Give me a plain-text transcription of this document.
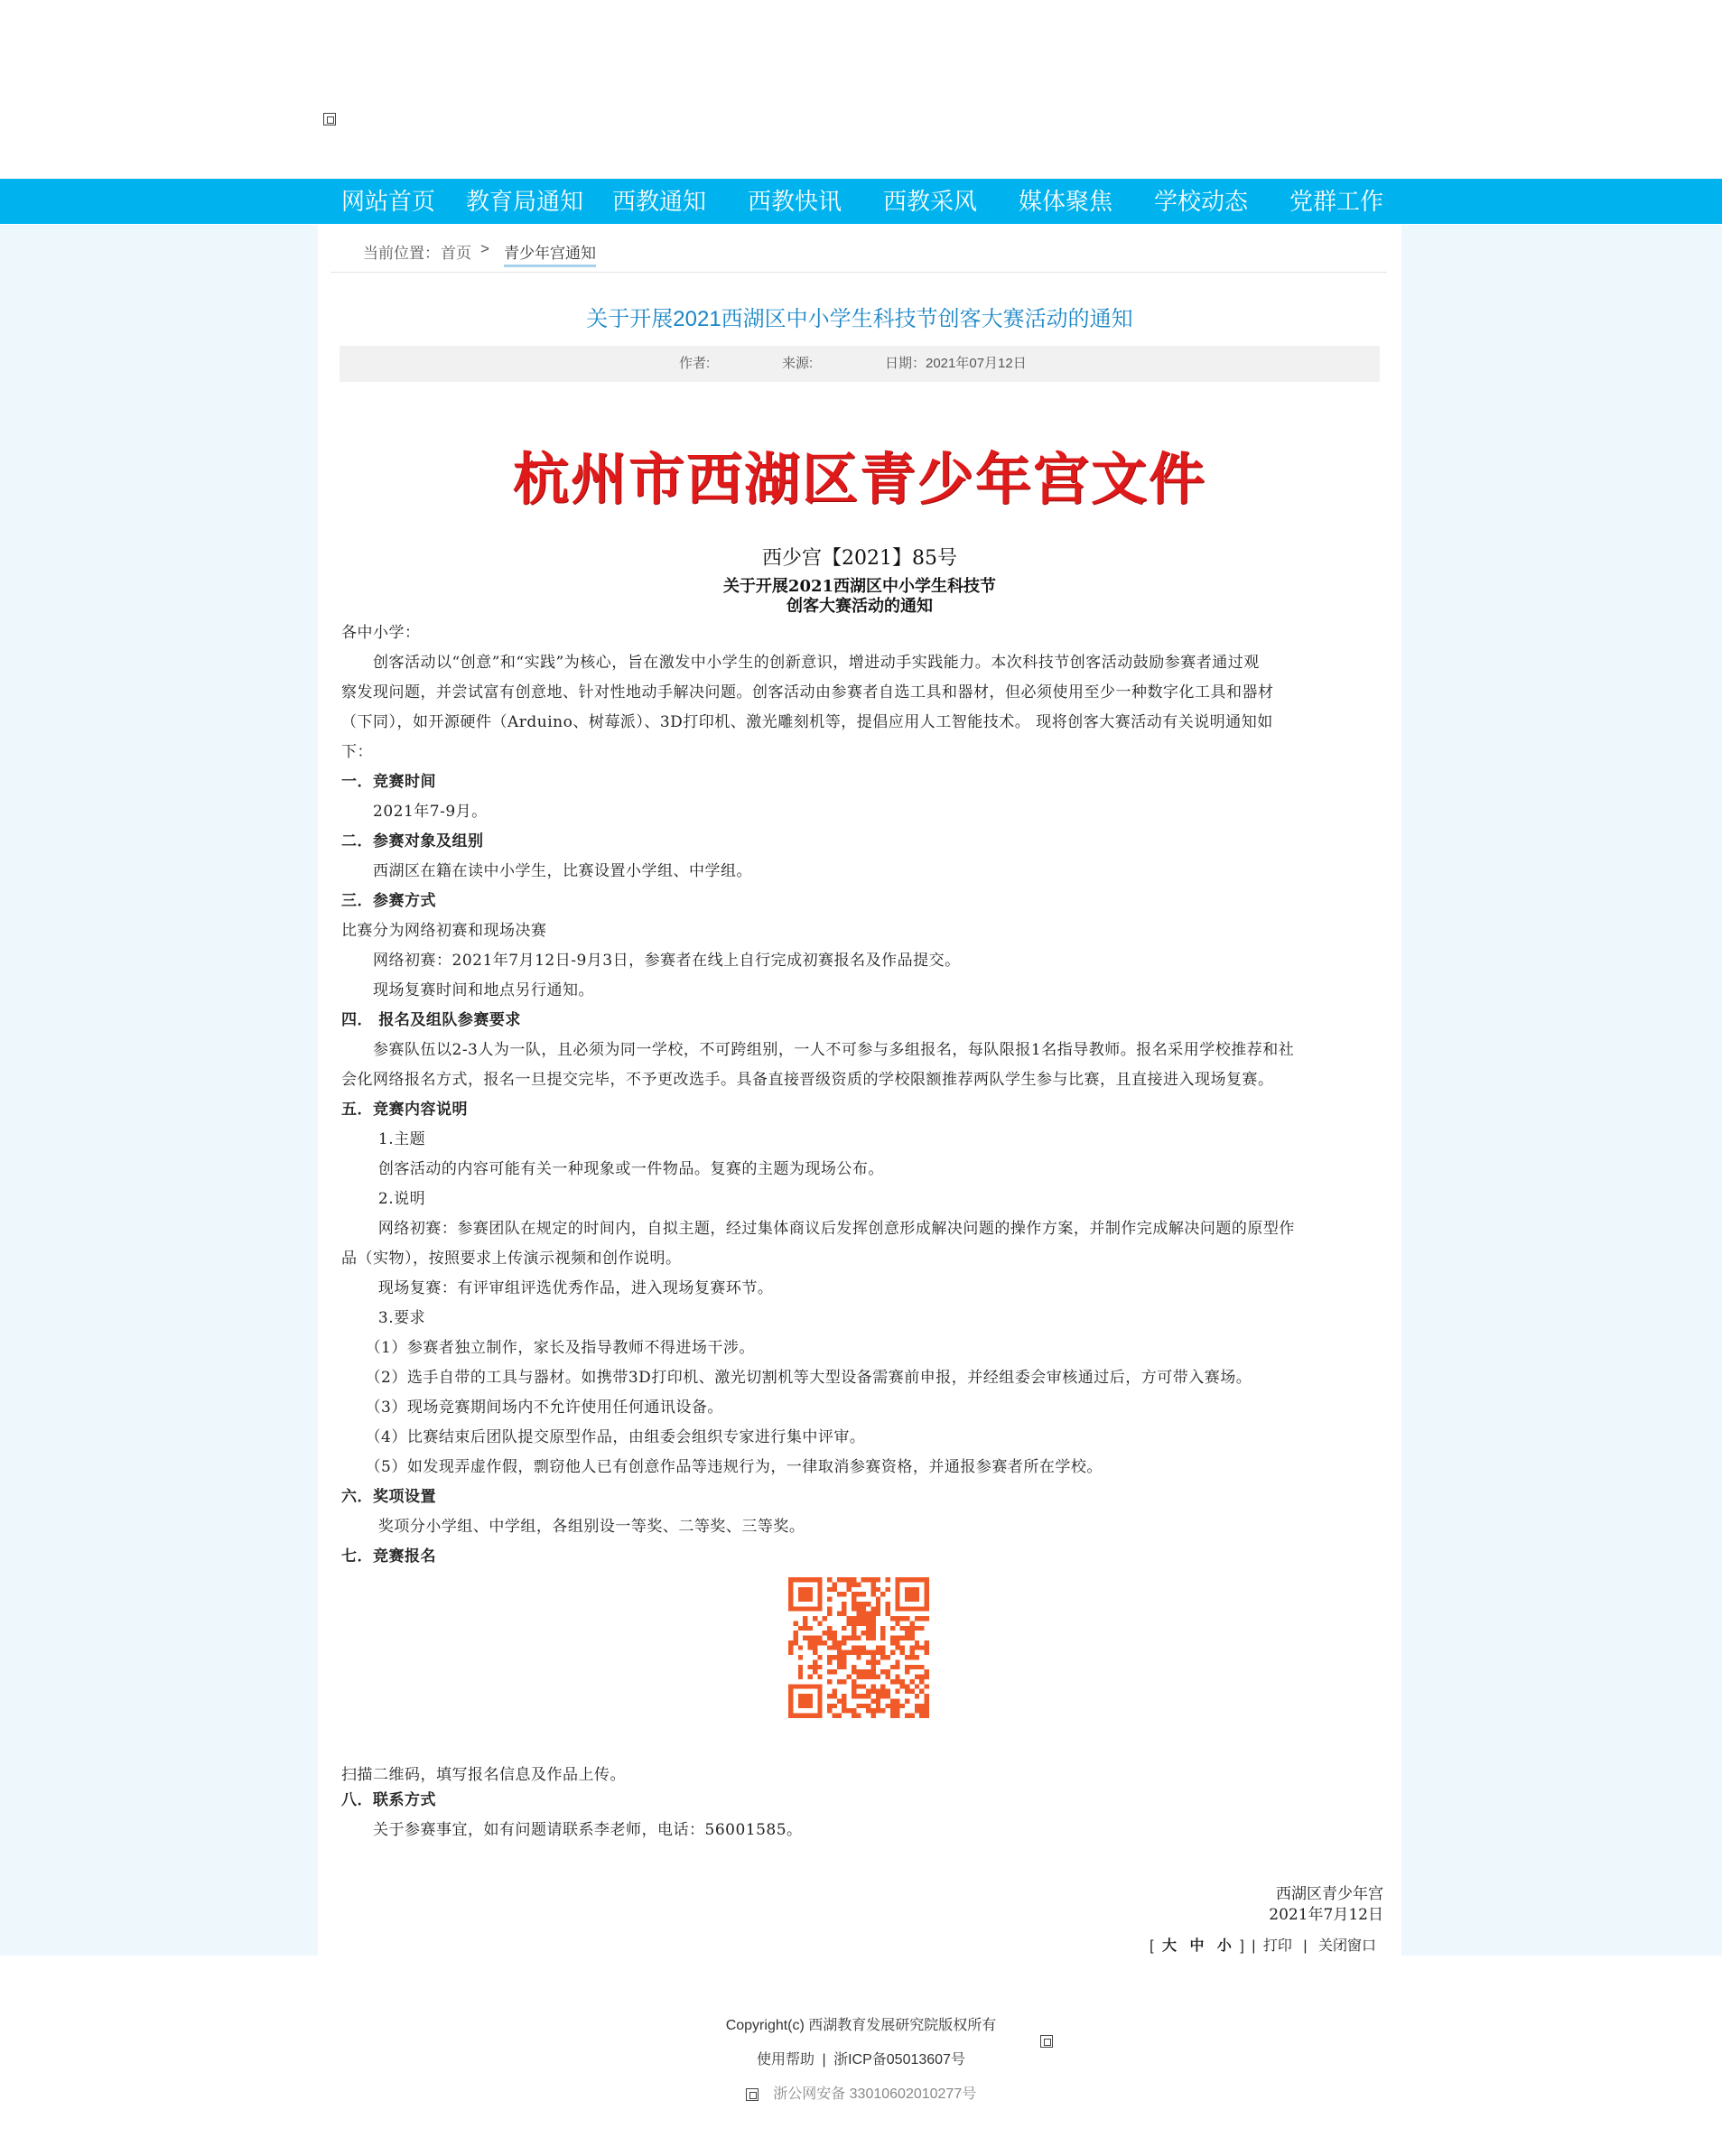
网站首页 教育局通知 西教通知 西教快讯 西教采风 媒体聚焦 学校动态 党群工作
当前位置： 首页 > 青少年宫通知
关于开展2021西湖区中小学生科技节创客大赛活动的通知
作者:	来源:	日期：2021年07月12日
杭州市西湖区青少年宫文件
西少宫【2021】85号
关于开展2021西湖区中小学生科技节
创客大赛活动的通知
各中小学：
　　创客活动以“创意”和“实践”为核心，旨在激发中小学生的创新意识，增进动手实践能力。本次科技节创客活动鼓励参赛者通过观
察发现问题，并尝试富有创意地、针对性地动手解决问题。创客活动由参赛者自选工具和器材，但必须使用至少一种数字化工具和器材
（下同），如开源硬件（Arduino、树莓派）、3D打印机、激光雕刻机等，提倡应用人工智能技术。 现将创客大赛活动有关说明通知如
下：
一．竞赛时间
　　2021年7-9月。
二．参赛对象及组别
　　西湖区在籍在读中小学生，比赛设置小学组、中学组。
三．参赛方式
比赛分为网络初赛和现场决赛
　　网络初赛：2021年7月12日-9月3日，参赛者在线上自行完成初赛报名及作品提交。
　　现场复赛时间和地点另行通知。
四． 报名及组队参赛要求
　　参赛队伍以2-3人为一队，且必须为同一学校，不可跨组别，一人不可参与多组报名，每队限报1名指导教师。报名采用学校推荐和社
会化网络报名方式，报名一旦提交完毕，不予更改选手。具备直接晋级资质的学校限额推荐两队学生参与比赛，且直接进入现场复赛。
五．竞赛内容说明
　　 1.主题
　　 创客活动的内容可能有关一种现象或一件物品。复赛的主题为现场公布。
　　 2.说明
　　 网络初赛：参赛团队在规定的时间内，自拟主题，经过集体商议后发挥创意形成解决问题的操作方案，并制作完成解决问题的原型作
品（实物），按照要求上传演示视频和创作说明。
　　 现场复赛：有评审组评选优秀作品，进入现场复赛环节。
　　 3.要求
　　（1）参赛者独立制作，家长及指导教师不得进场干涉。
　　（2）选手自带的工具与器材。如携带3D打印机、激光切割机等大型设备需赛前申报，并经组委会审核通过后，方可带入赛场。
　　（3）现场竞赛期间场内不允许使用任何通讯设备。
　　（4）比赛结束后团队提交原型作品，由组委会组织专家进行集中评审。
　　（5）如发现弄虚作假，剽窃他人已有创意作品等违规行为，一律取消参赛资格，并通报参赛者所在学校。
六．奖项设置
　　 奖项分小学组、中学组，各组别设一等奖、二等奖、三等奖。
七．竞赛报名
扫描二维码，填写报名信息及作品上传。
八．联系方式
　　关于参赛事宜，如有问题请联系李老师，电话：56001585。
西湖区青少年宫
2021年7月12日
[ 大 中 小 ] | 打印 | 关闭窗口
Copyright(c) 西湖教育发展研究院版权所有
使用帮助 | 浙ICP备05013607号
浙公网安备 33010602010277号
